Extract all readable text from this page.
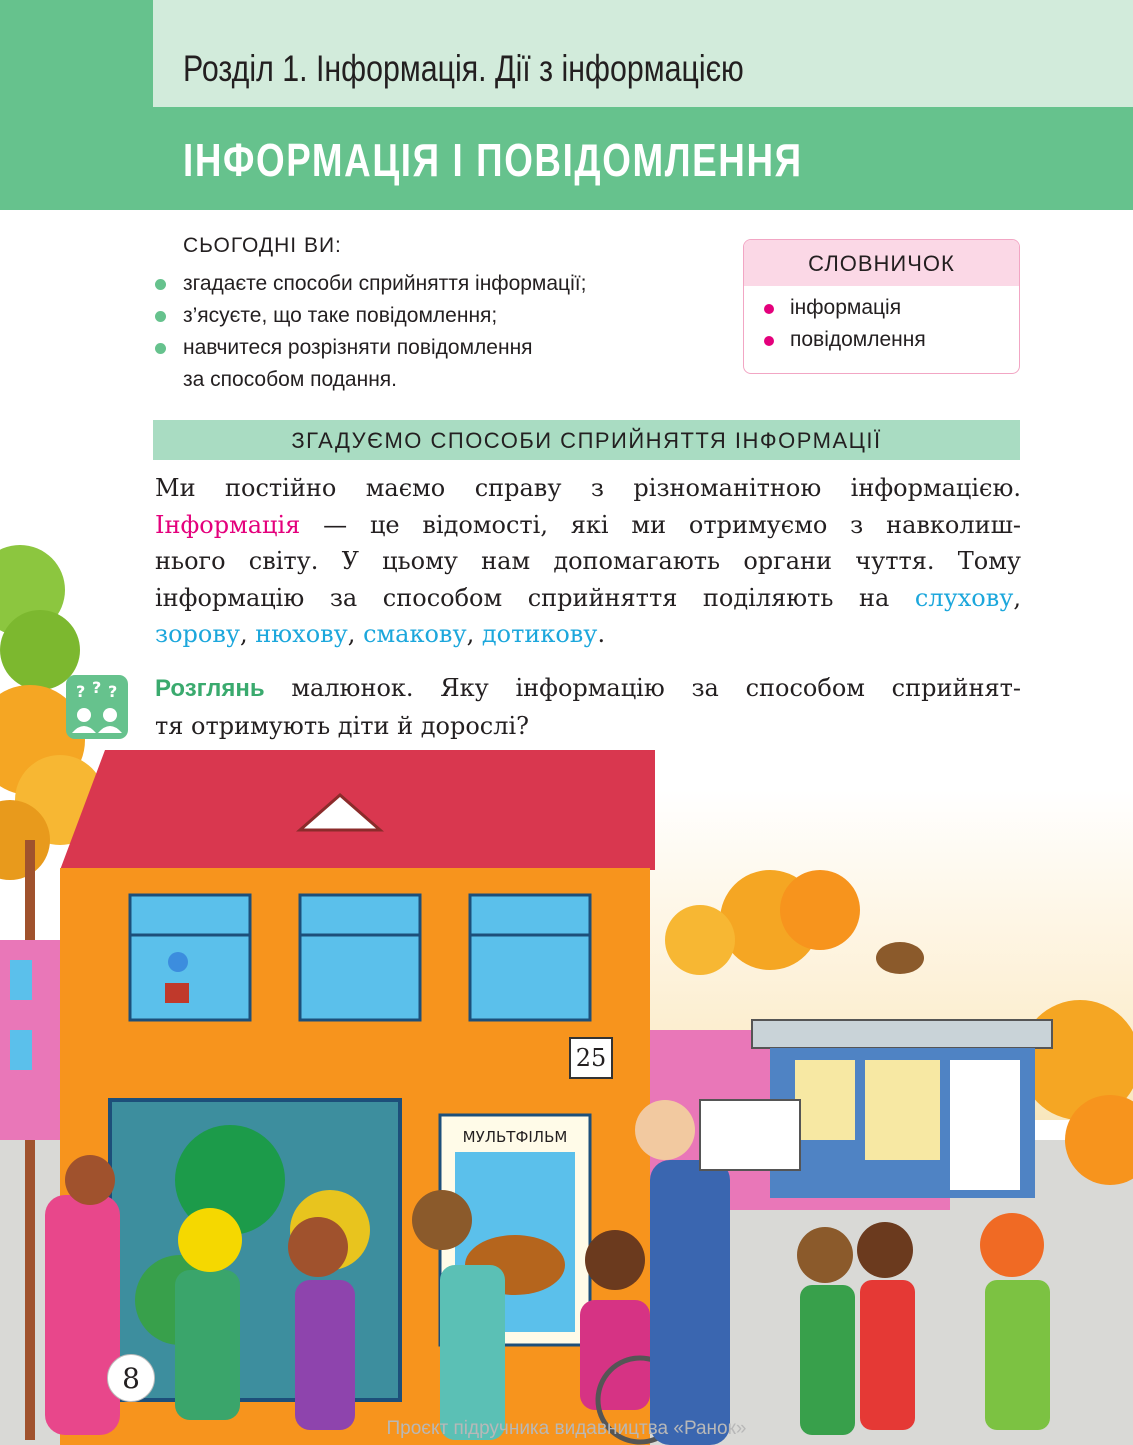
Розділ 1. Інформація. Дії з інформацією
ІНФОРМАЦІЯ І ПОВІДОМЛЕННЯ
СЬОГОДНІ ВИ:
згадаєте способи сприйняття інформації;
з’ясуєте, що таке повідомлення;
навчитеся розрізняти повідомлення
за способом подання.
СЛОВНИЧОК
інформація
повідомлення
ЗГАДУЄМО СПОСОБИ СПРИЙНЯТТЯ ІНФОРМАЦІЇ
25
МУЛЬТФІЛЬМ
Ми постійно маємо справу з різноманітною інформацією.
Інформація — це відомості, які ми отримуємо з навколиш-
нього світу. У цьому нам допомагають органи чуття. Тому
інформацію за способом сприйняття поділяють на слухову,
зорову, нюхову, смакову, дотикову.
? ? ? Розглянь малюнок. Яку інформацію за способом сприйнят-
тя отримують діти й дорослі?
8
Проєкт підручника видавництва «Ранок»
